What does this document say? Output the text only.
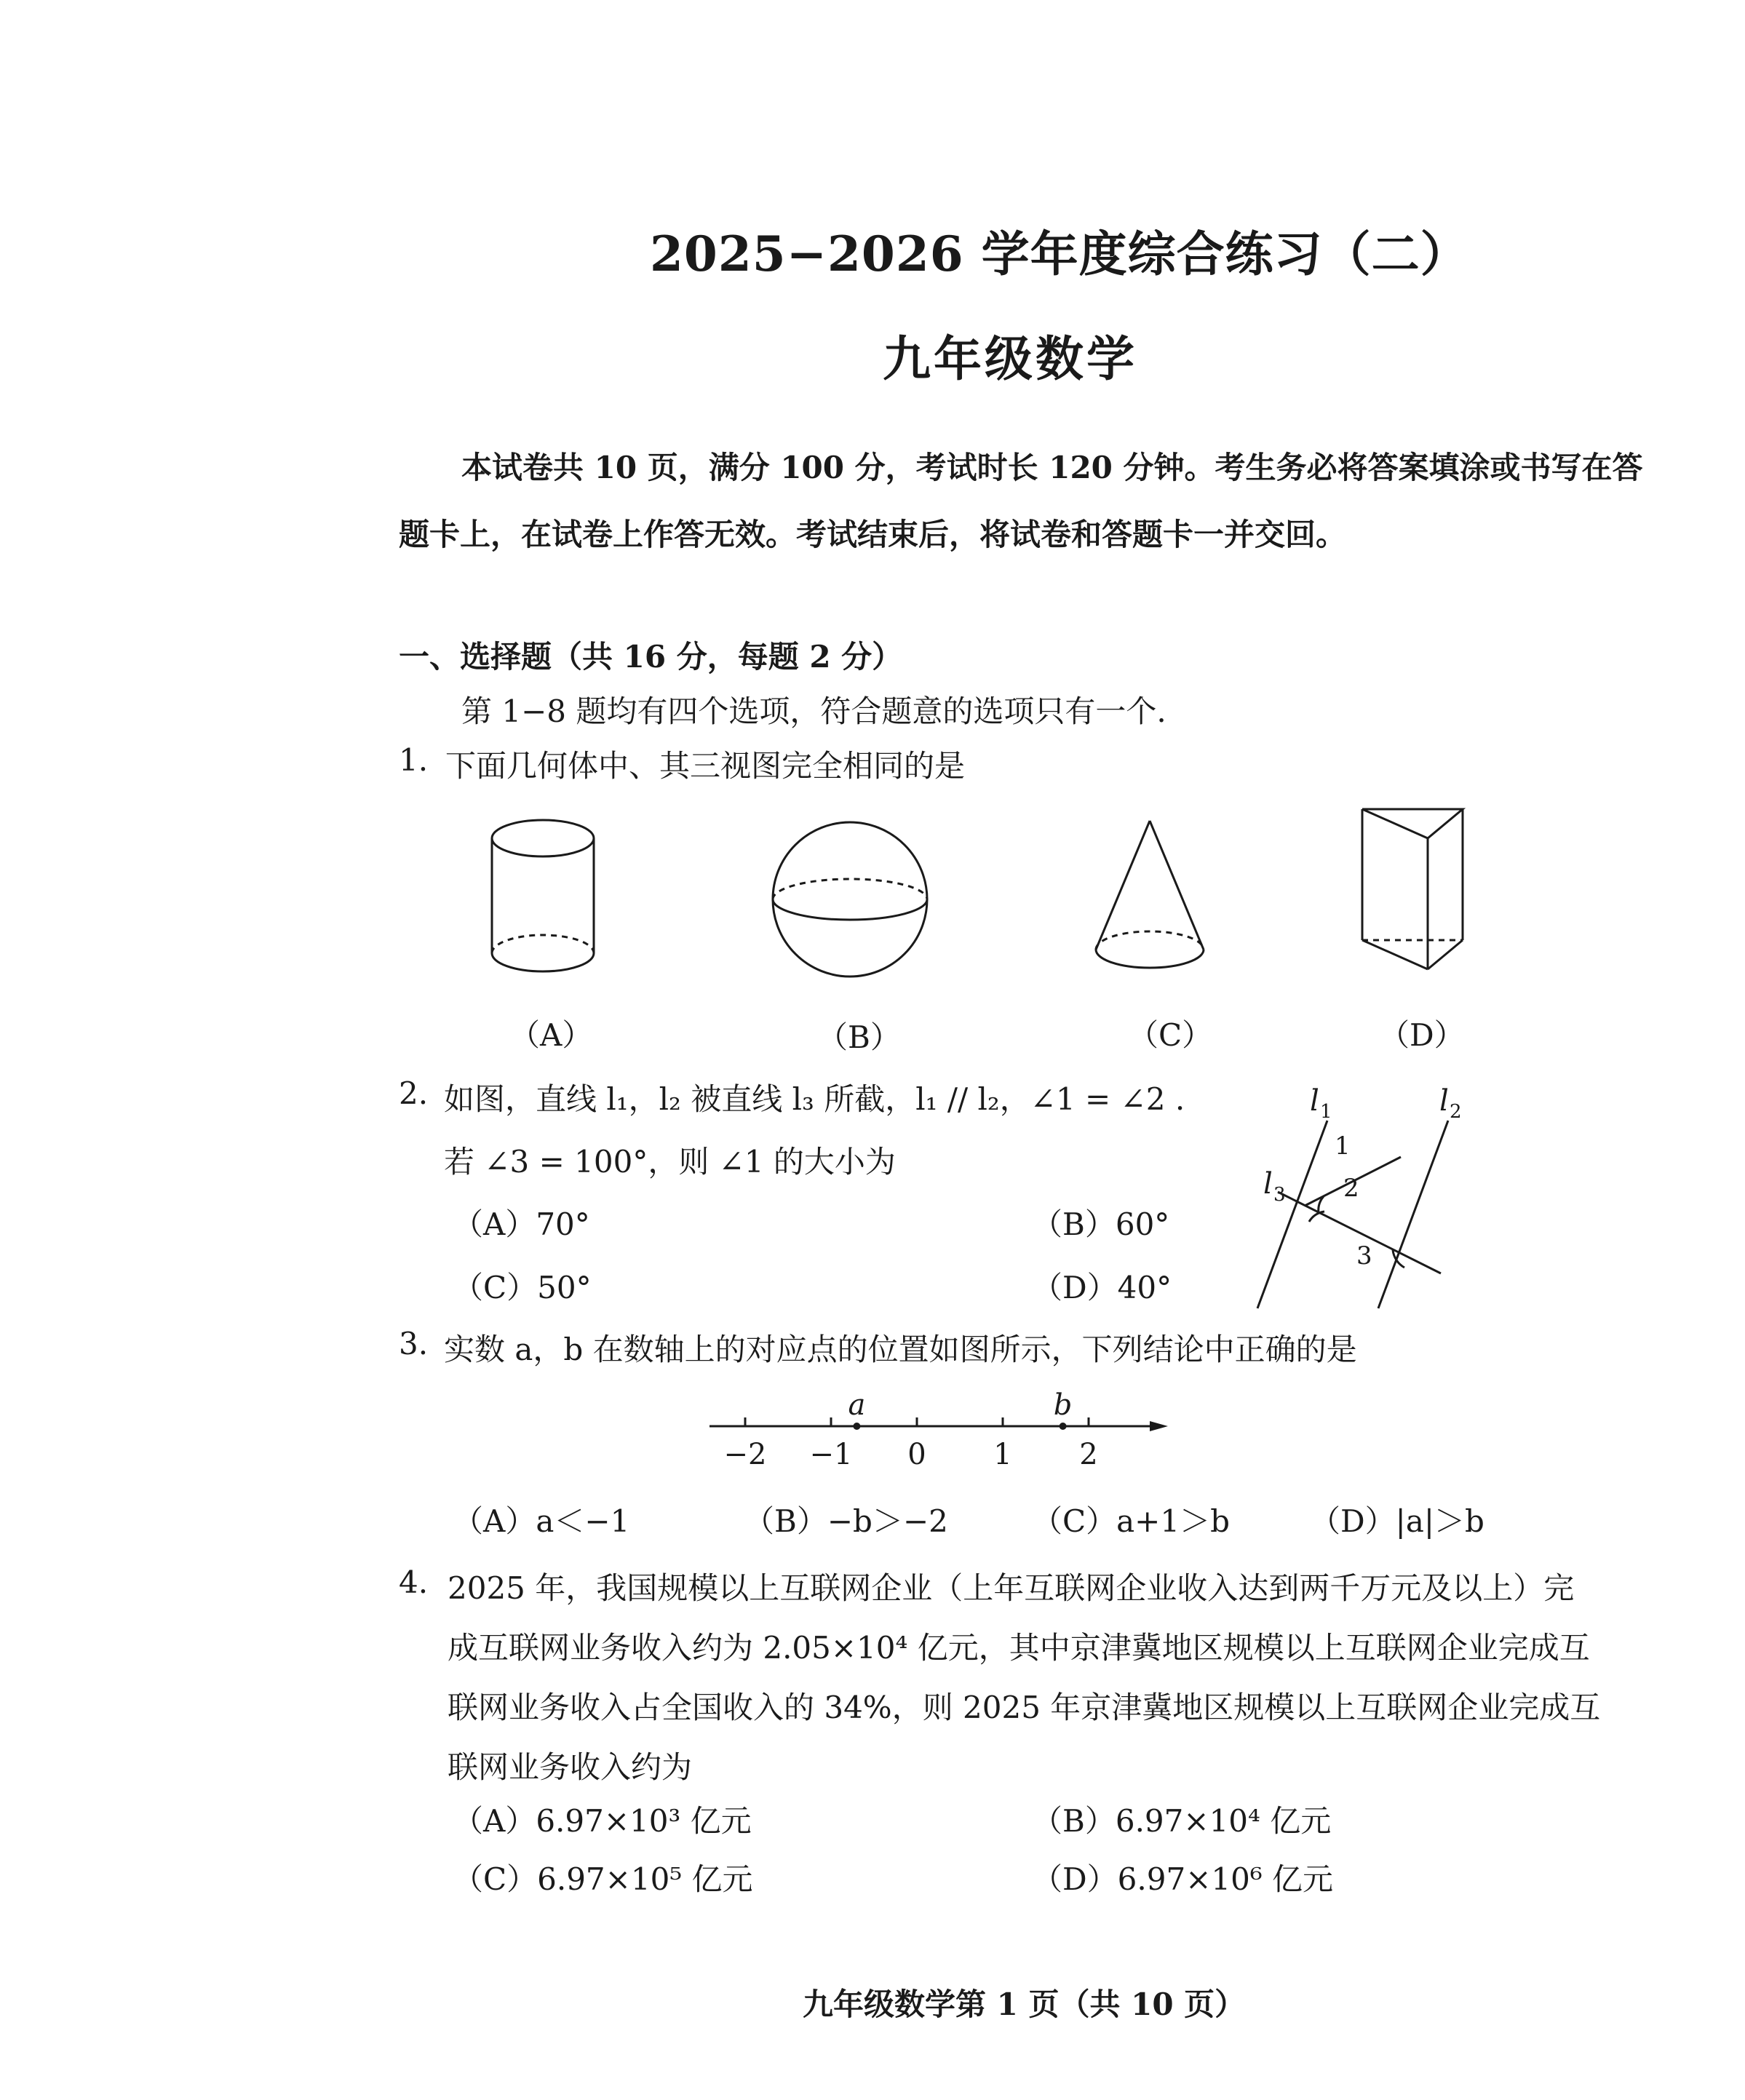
2025−2026 学年度综合练习（二）
九年级数学
本试卷共 10 页，满分 100 分，考试时长 120 分钟。考生务必将答案填涂或书写在答
题卡上，在试卷上作答无效。考试结束后，将试卷和答题卡一并交回。
一、选择题（共 16 分，每题 2 分）
第 1−8 题均有四个选项，符合题意的选项只有一个.
1. 下面几何体中、其三视图完全相同的是
（A）	（B）	（C）	（D）
2. 如图，直线 l₁，l₂ 被直线 l₃ 所截，l₁ // l₂，∠1 = ∠2 .
若 ∠3 = 100°，则 ∠1 的大小为
（A）70°	（B）60°
（C）50°	（D）40°
l 1	l 2
l 3
1
2
3
3. 实数 a，b 在数轴上的对应点的位置如图所示，下列结论中正确的是
−2 −1 0 1 2
a	b
（A）a＜−1	（B）−b＞−2	（C）a+1＞b	（D）|a|＞b
4. 2025 年，我国规模以上互联网企业（上年互联网企业收入达到两千万元及以上）完
成互联网业务收入约为 2.05×10⁴ 亿元，其中京津冀地区规模以上互联网企业完成互
联网业务收入占全国收入的 34%，则 2025 年京津冀地区规模以上互联网企业完成互
联网业务收入约为
（A）6.97×10³ 亿元	（B）6.97×10⁴ 亿元
（C）6.97×10⁵ 亿元	（D）6.97×10⁶ 亿元
九年级数学第 1 页（共 10 页）
